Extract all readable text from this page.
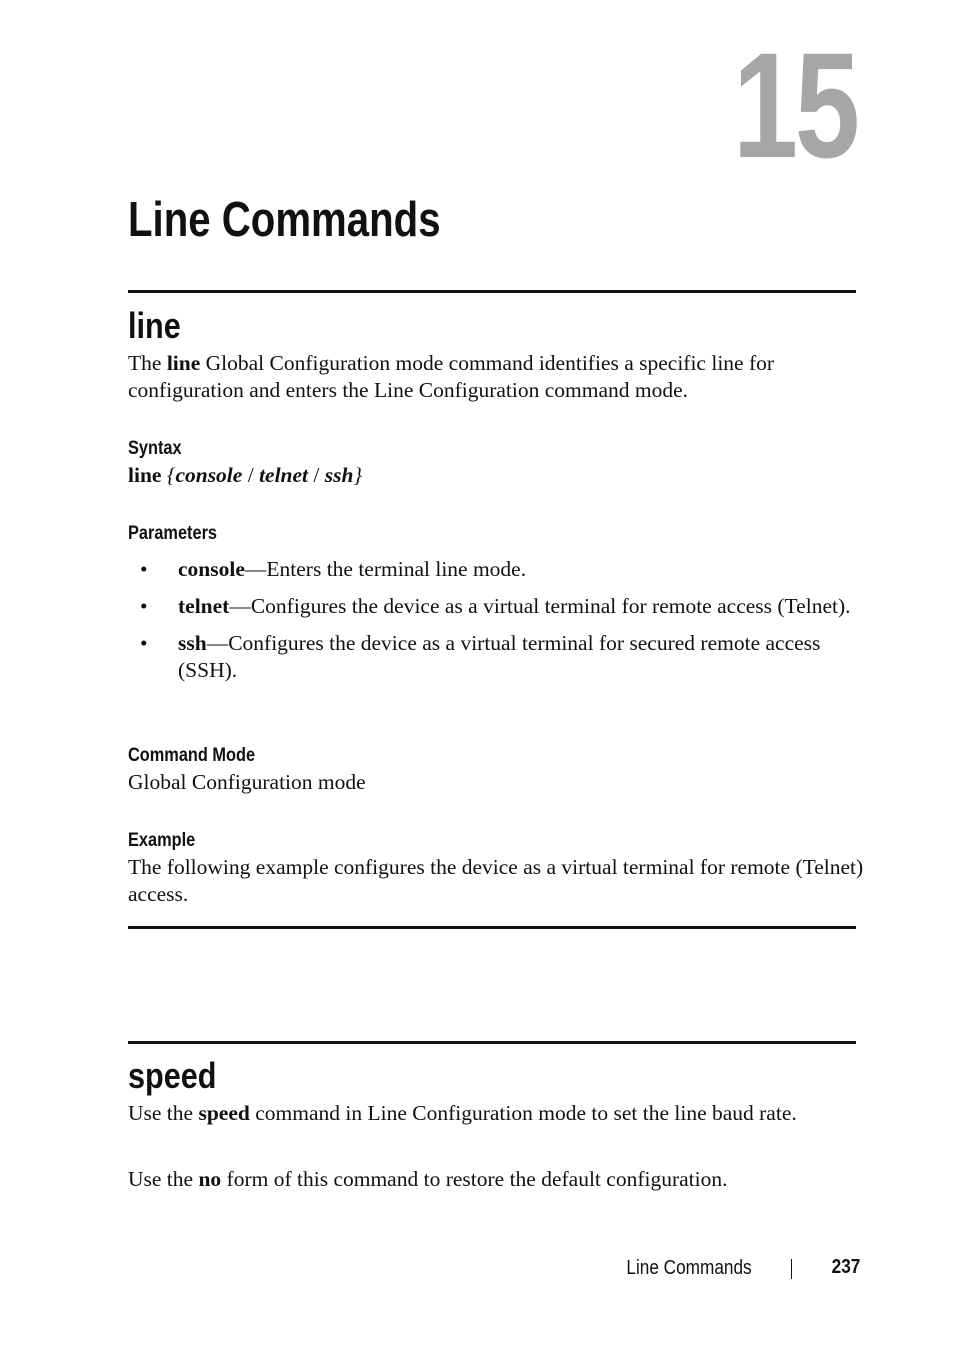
15
Line Commands
line
The line Global Configuration mode command identifies a specific line for configuration and enters the Line Configuration command mode.
Syntax
line {console / telnet / ssh}
Parameters
• console—Enters the terminal line mode.
• telnet—Configures the device as a virtual terminal for remote access (Telnet).
• ssh—Configures the device as a virtual terminal for secured remote access (SSH).
Command Mode
Global Configuration mode
Example
The following example configures the device as a virtual terminal for remote (Telnet) access.
speed
Use the speed command in Line Configuration mode to set the line baud rate.
Use the no form of this command to restore the default configuration.
Line Commands	237
